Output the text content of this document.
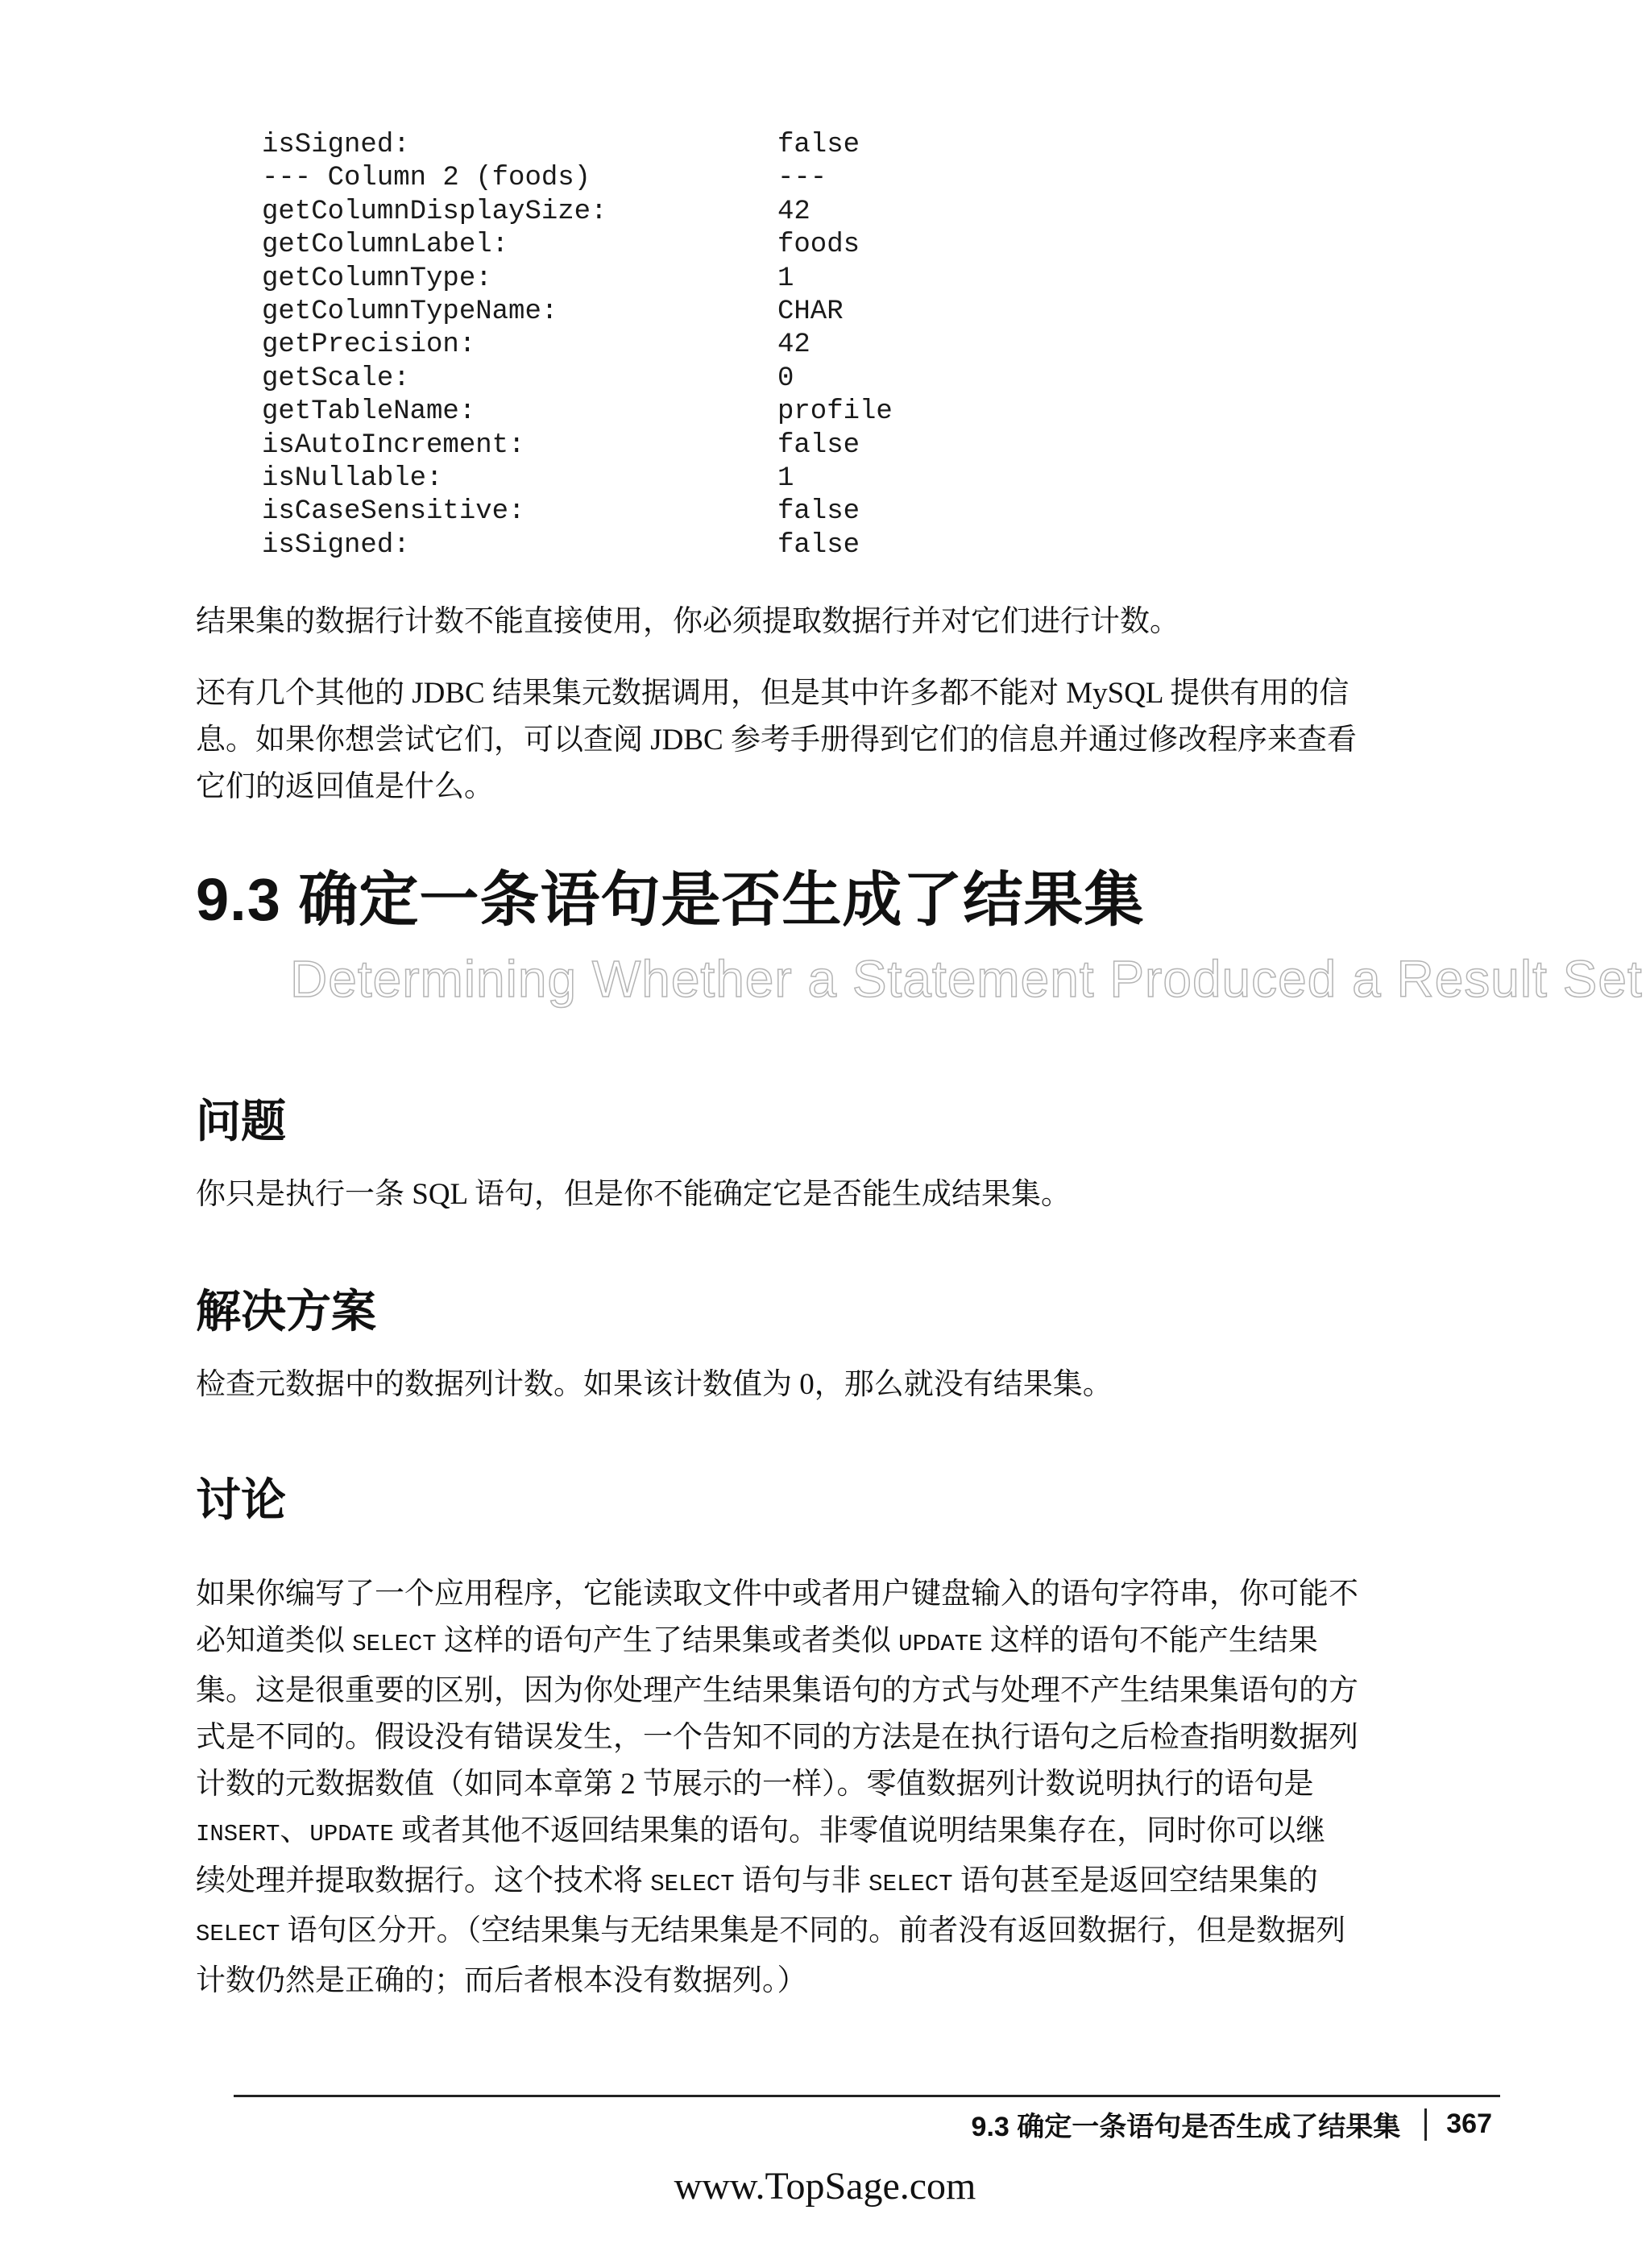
isSigned:	false
--- Column 2 (foods)	---
getColumnDisplaySize:	42
getColumnLabel:	foods
getColumnType:	1
getColumnTypeName:	CHAR
getPrecision:	42
getScale:	0
getTableName:	profile
isAutoIncrement:	false
isNullable:	1
isCaseSensitive:	false
isSigned:	false

结果集的数据行计数不能直接使用，你必须提取数据行并对它们进行计数。

还有几个其他的 JDBC 结果集元数据调用，但是其中许多都不能对 MySQL 提供有用的信
息。如果你想尝试它们，可以查阅 JDBC 参考手册得到它们的信息并通过修改程序来查看
它们的返回值是什么。
9.3 确定一条语句是否生成了结果集
Determining Whether a Statement Produced a Result Set
问题

你只是执行一条 SQL 语句，但是你不能确定它是否能生成结果集。

解决方案

检查元数据中的数据列计数。如果该计数值为 0，那么就没有结果集。

讨论
如果你编写了一个应用程序，它能读取文件中或者用户键盘输入的语句字符串，你可能不
必知道类似 SELECT 这样的语句产生了结果集或者类似 UPDATE 这样的语句不能产生结果
集。这是很重要的区别，因为你处理产生结果集语句的方式与处理不产生结果集语句的方
式是不同的。假设没有错误发生，一个告知不同的方法是在执行语句之后检查指明数据列
计数的元数据数值（如同本章第 2 节展示的一样）。零值数据列计数说明执行的语句是
INSERT、UPDATE 或者其他不返回结果集的语句。非零值说明结果集存在，同时你可以继
续处理并提取数据行。这个技术将 SELECT 语句与非 SELECT 语句甚至是返回空结果集的
SELECT 语句区分开。（空结果集与无结果集是不同的。前者没有返回数据行，但是数据列
计数仍然是正确的；而后者根本没有数据列。）
9.3 确定一条语句是否生成了结果集 367
www.TopSage.com
